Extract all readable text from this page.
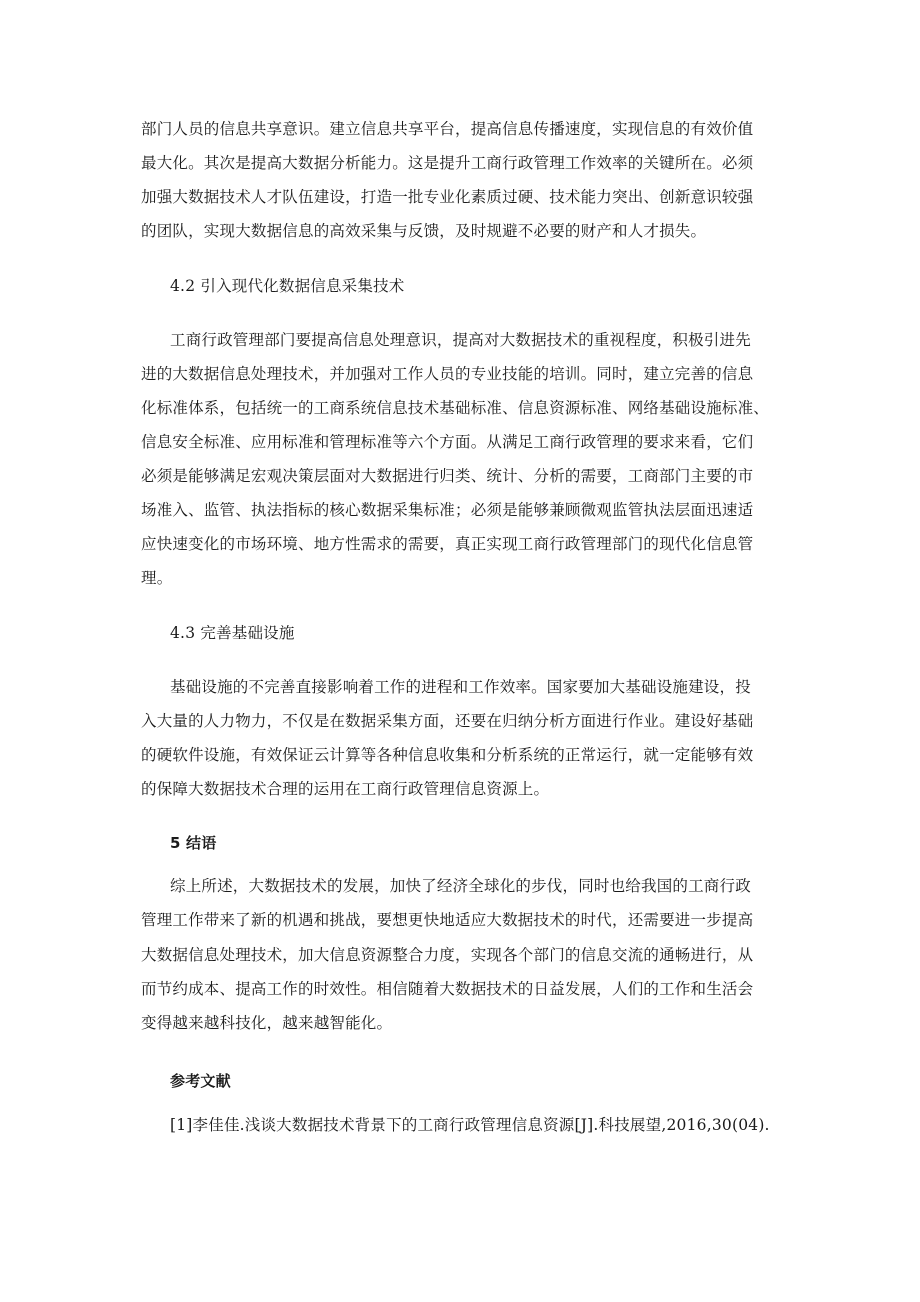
部门人员的信息共享意识。建立信息共享平台，提高信息传播速度，实现信息的有效价值
最大化。其次是提高大数据分析能力。这是提升工商行政管理工作效率的关键所在。必须
加强大数据技术人才队伍建设，打造一批专业化素质过硬、技术能力突出、创新意识较强
的团队，实现大数据信息的高效采集与反馈，及时规避不必要的财产和人才损失。
4.2 引入现代化数据信息采集技术
工商行政管理部门要提高信息处理意识，提高对大数据技术的重视程度，积极引进先
进的大数据信息处理技术，并加强对工作人员的专业技能的培训。同时，建立完善的信息
化标准体系，包括统一的工商系统信息技术基础标准、信息资源标准、网络基础设施标准、
信息安全标准、应用标准和管理标准等六个方面。从满足工商行政管理的要求来看，它们
必须是能够满足宏观决策层面对大数据进行归类、统计、分析的需要，工商部门主要的市
场准入、监管、执法指标的核心数据采集标准；必须是能够兼顾微观监管执法层面迅速适
应快速变化的市场环境、地方性需求的需要，真正实现工商行政管理部门的现代化信息管
理。
4.3 完善基础设施
基础设施的不完善直接影响着工作的进程和工作效率。国家要加大基础设施建设，投
入大量的人力物力，不仅是在数据采集方面，还要在归纳分析方面进行作业。建设好基础
的硬软件设施，有效保证云计算等各种信息收集和分析系统的正常运行，就一定能够有效
的保障大数据技术合理的运用在工商行政管理信息资源上。
5 结语
综上所述，大数据技术的发展，加快了经济全球化的步伐，同时也给我国的工商行政
管理工作带来了新的机遇和挑战，要想更快地适应大数据技术的时代，还需要进一步提高
大数据信息处理技术，加大信息资源整合力度，实现各个部门的信息交流的通畅进行，从
而节约成本、提高工作的时效性。相信随着大数据技术的日益发展，人们的工作和生活会
变得越来越科技化，越来越智能化。
参考文献
[1]李佳佳.浅谈大数据技术背景下的工商行政管理信息资源[J].科技展望,2016,30(04).
